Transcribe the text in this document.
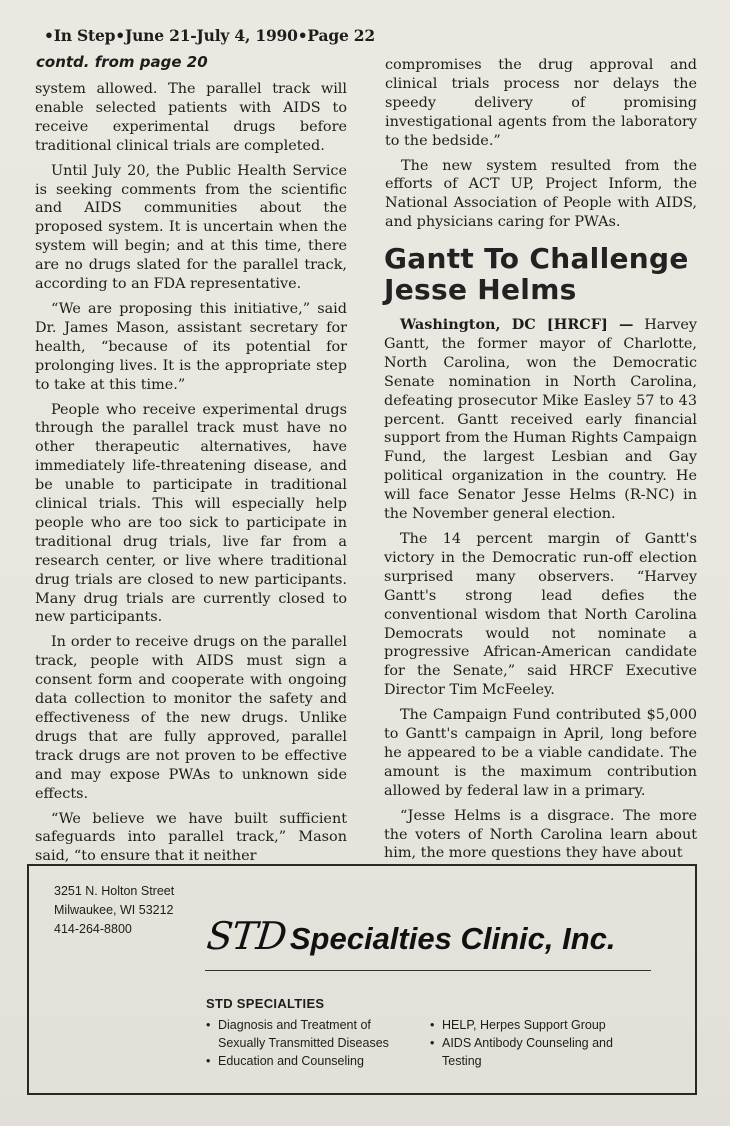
•In Step•June 21-July 4, 1990•Page 22
contd. from page 20

system allowed. The parallel track will enable selected patients with AIDS to receive experimental drugs before traditional clinical trials are completed.

Until July 20, the Public Health Service is seeking comments from the scientific and AIDS communities about the proposed system. It is uncertain when the system will begin; and at this time, there are no drugs slated for the parallel track, according to an FDA representative.

“We are proposing this initiative,” said Dr. James Mason, assistant secretary for health, “because of its potential for prolonging lives. It is the appropriate step to take at this time.”

People who receive experimental drugs through the parallel track must have no other therapeutic alternatives, have immediately life-threatening disease, and be unable to participate in traditional clinical trials. This will especially help people who are too sick to participate in traditional drug trials, live far from a research center, or live where traditional drug trials are closed to new participants. Many drug trials are currently closed to new participants.

In order to receive drugs on the parallel track, people with AIDS must sign a consent form and cooperate with ongoing data collection to monitor the safety and effectiveness of the new drugs. Unlike drugs that are fully approved, parallel track drugs are not proven to be effective and may expose PWAs to unknown side effects.

“We believe we have built sufficient safeguards into parallel track,” Mason said, “to ensure that it neither

compromises the drug approval and clinical trials process nor delays the speedy delivery of promising investigational agents from the laboratory to the bedside.”

The new system resulted from the efforts of ACT UP, Project Inform, the National Association of People with AIDS, and physicians caring for PWAs.

Gantt To Challenge Jesse Helms

Washington, DC [HRCF] — Harvey Gantt, the former mayor of Charlotte, North Carolina, won the Democratic Senate nomination in North Carolina, defeating prosecutor Mike Easley 57 to 43 percent. Gantt received early financial support from the Human Rights Campaign Fund, the largest Lesbian and Gay political organization in the country. He will face Senator Jesse Helms (R-NC) in the November general election.

The 14 percent margin of Gantt's victory in the Democratic run-off election surprised many observers. “Harvey Gantt's strong lead defies the conventional wisdom that North Carolina Democrats would not nominate a progressive African-American candidate for the Senate,” said HRCF Executive Director Tim McFeeley.

The Campaign Fund contributed $5,000 to Gantt's campaign in April, long before he appeared to be a viable candidate. The amount is the maximum contribution allowed by federal law in a primary.

“Jesse Helms is a disgrace. The more the voters of North Carolina learn about him, the more questions they have about

3251 N. Holton Street
Milwaukee, WI 53212
414-264-8800	STD Specialties Clinic, Inc.
STD SPECIALTIES
• Diagnosis and Treatment of Sexually Transmitted Diseases
• Education and Counseling
• HELP, Herpes Support Group
• AIDS Antibody Counseling and Testing
